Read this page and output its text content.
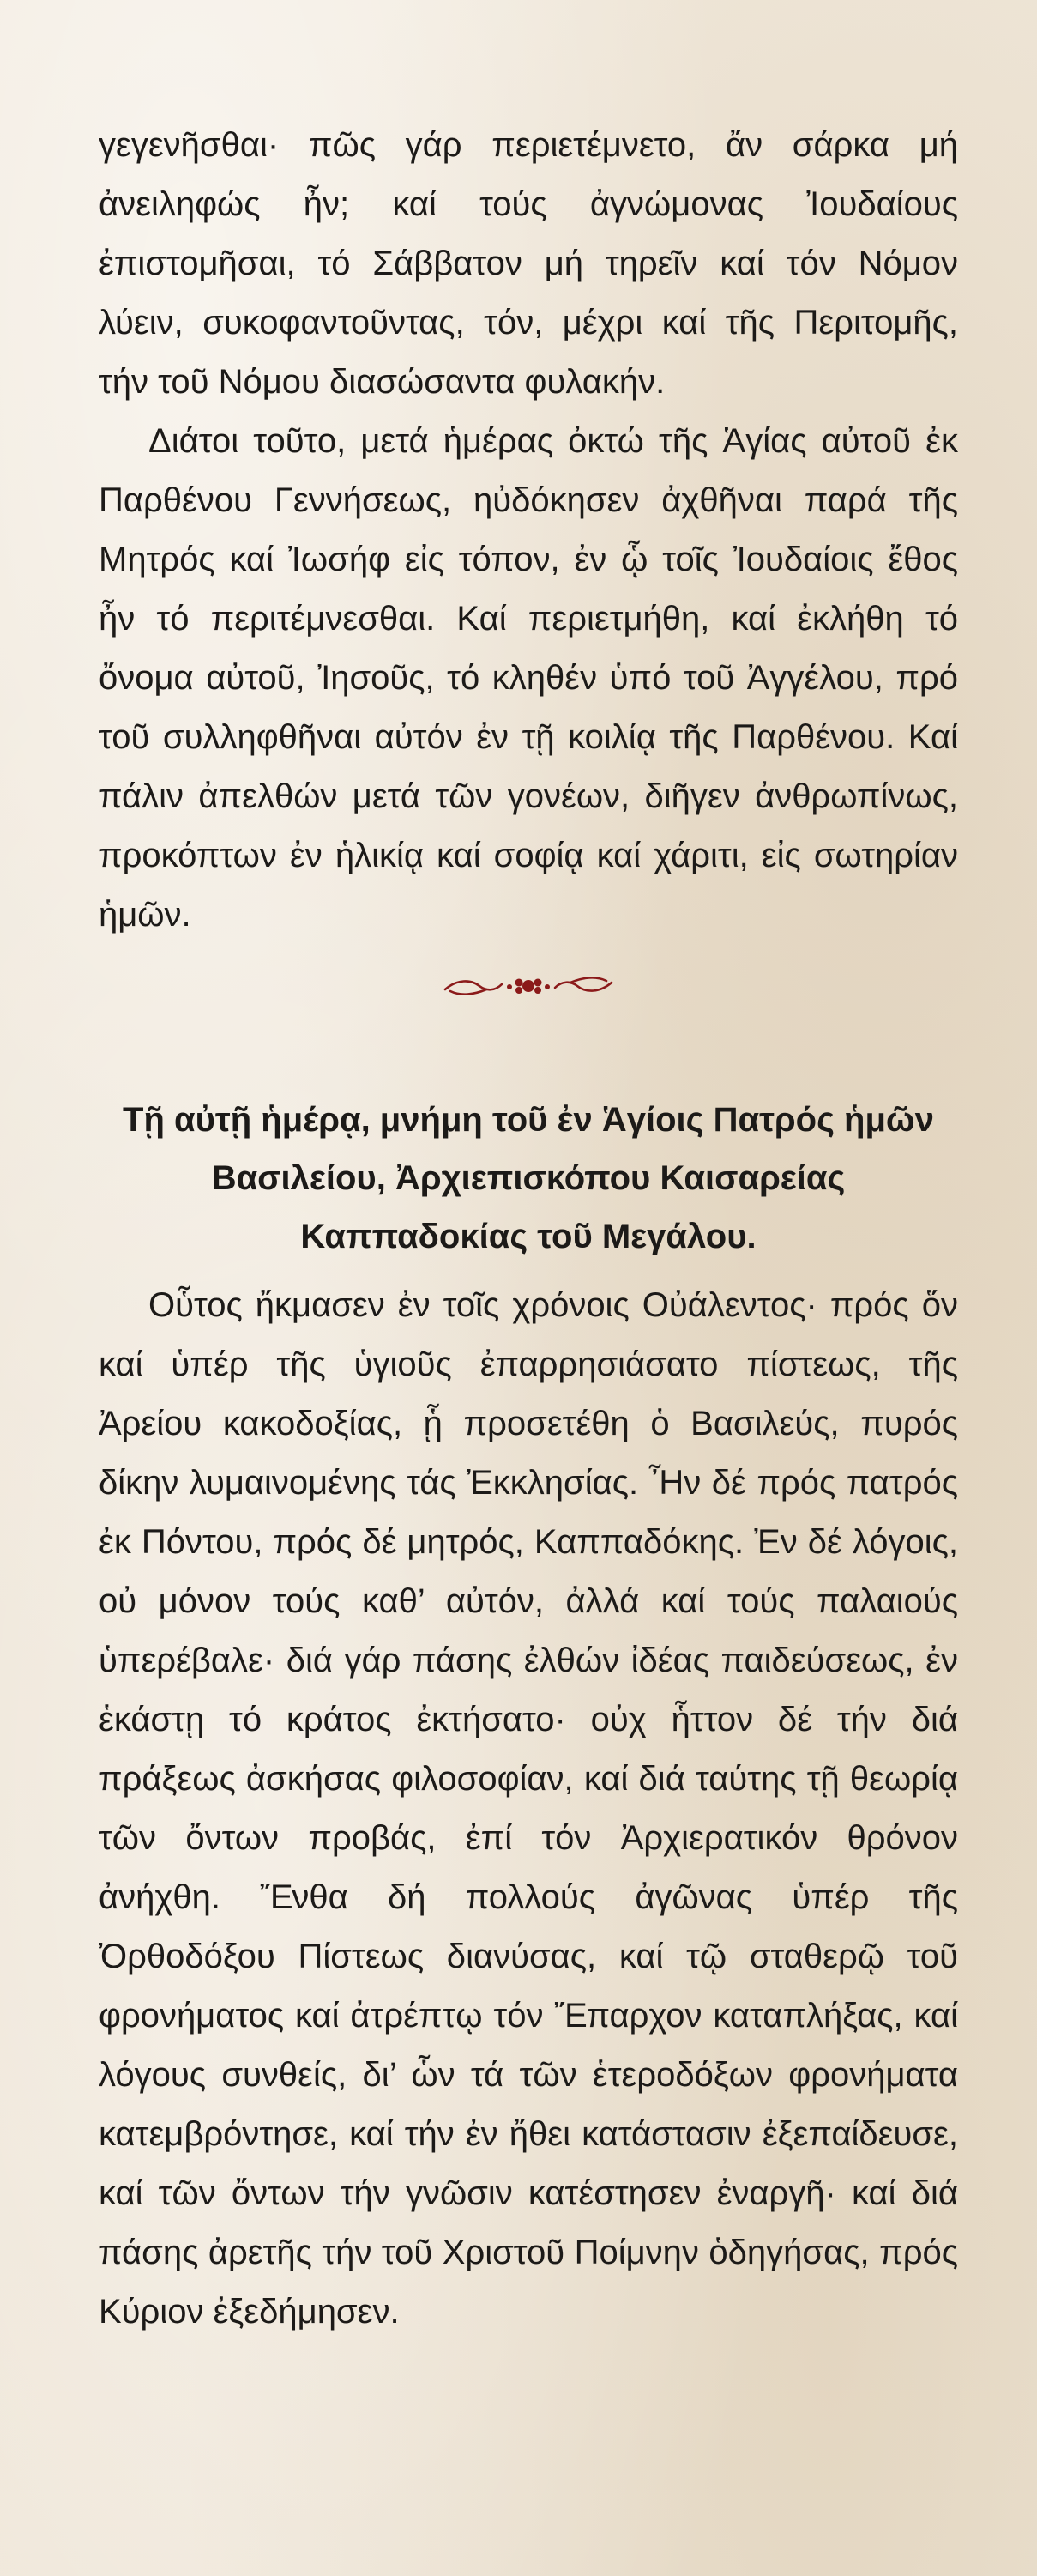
γεγενῆσθαι· πῶς γάρ περιετέμνετο, ἄν σάρκα μή ἀνειληφώς ἦν; καί τούς ἀγνώμονας Ἰουδαίους ἐπιστομῆσαι, τό Σάββατον μή τηρεῖν καί τόν Νόμον λύειν, συκοφαντοῦντας, τόν, μέχρι καί τῆς Περιτομῆς, τήν τοῦ Νόμου διασώσαντα φυλακήν.

Διάτοι τοῦτο, μετά ἡμέρας ὀκτώ τῆς Ἁγίας αὐτοῦ ἐκ Παρθένου Γεννήσεως, ηὐδόκησεν ἀχθῆναι παρά τῆς Μητρός καί Ἰωσήφ εἰς τόπον, ἐν ᾧ τοῖς Ἰουδαίοις ἔθος ἦν τό περιτέμνεσθαι. Καί περιετμήθη, καί ἐκλήθη τό ὄνομα αὐτοῦ, Ἰησοῦς, τό κληθέν ὑπό τοῦ Ἀγγέλου, πρό τοῦ συλληφθῆναι αὐτόν ἐν τῇ κοιλίᾳ τῆς Παρθένου. Καί πάλιν ἀπελθών μετά τῶν γονέων, διῆγεν ἀνθρωπίνως, προκόπτων ἐν ἡλικίᾳ καί σοφίᾳ καί χάριτι, εἰς σωτηρίαν ἡμῶν.

Τῇ αὐτῇ ἡμέρᾳ, μνήμη τοῦ ἐν Ἁγίοις Πατρός ἡμῶν Βασιλείου, Ἀρχιεπισκόπου Καισαρείας Καππαδοκίας τοῦ Μεγάλου.

Οὗτος ἤκμασεν ἐν τοῖς χρόνοις Οὐάλεντος· πρός ὅν καί ὑπέρ τῆς ὑγιοῦς ἐπαρρησιάσατο πίστεως, τῆς Ἀρείου κακοδοξίας, ᾗ προσετέθη ὁ Βασιλεύς, πυρός δίκην λυμαινομένης τάς Ἐκκλησίας. Ἦν δέ πρός πατρός ἐκ Πόντου, πρός δέ μητρός, Καππαδόκης. Ἐν δέ λόγοις, οὐ μόνον τούς καθ’ αὐτόν, ἀλλά καί τούς παλαιούς ὑπερέβαλε· διά γάρ πάσης ἐλθών ἰδέας παιδεύσεως, ἐν ἑκάστῃ τό κράτος ἐκτήσατο· οὐχ ἧττον δέ τήν διά πράξεως ἀσκήσας φιλοσοφίαν, καί διά ταύτης τῇ θεωρίᾳ τῶν ὄντων προβάς, ἐπί τόν Ἀρχιερατικόν θρόνον ἀνήχθη. Ἔνθα δή πολλούς ἀγῶνας ὑπέρ τῆς Ὀρθοδόξου Πίστεως διανύσας, καί τῷ σταθερῷ τοῦ φρονήματος καί ἀτρέπτῳ τόν Ἔπαρχον καταπλήξας, καί λόγους συνθείς, δι’ ὧν τά τῶν ἑτεροδόξων φρονήματα κατεμβρόντησε, καί τήν ἐν ἤθει κατάστασιν ἐξεπαίδευσε, καί τῶν ὄντων τήν γνῶσιν κατέστησεν ἐναργῆ· καί διά πάσης ἀρετῆς τήν τοῦ Χριστοῦ Ποίμνην ὁδηγήσας, πρός Κύριον ἐξεδήμησεν.
